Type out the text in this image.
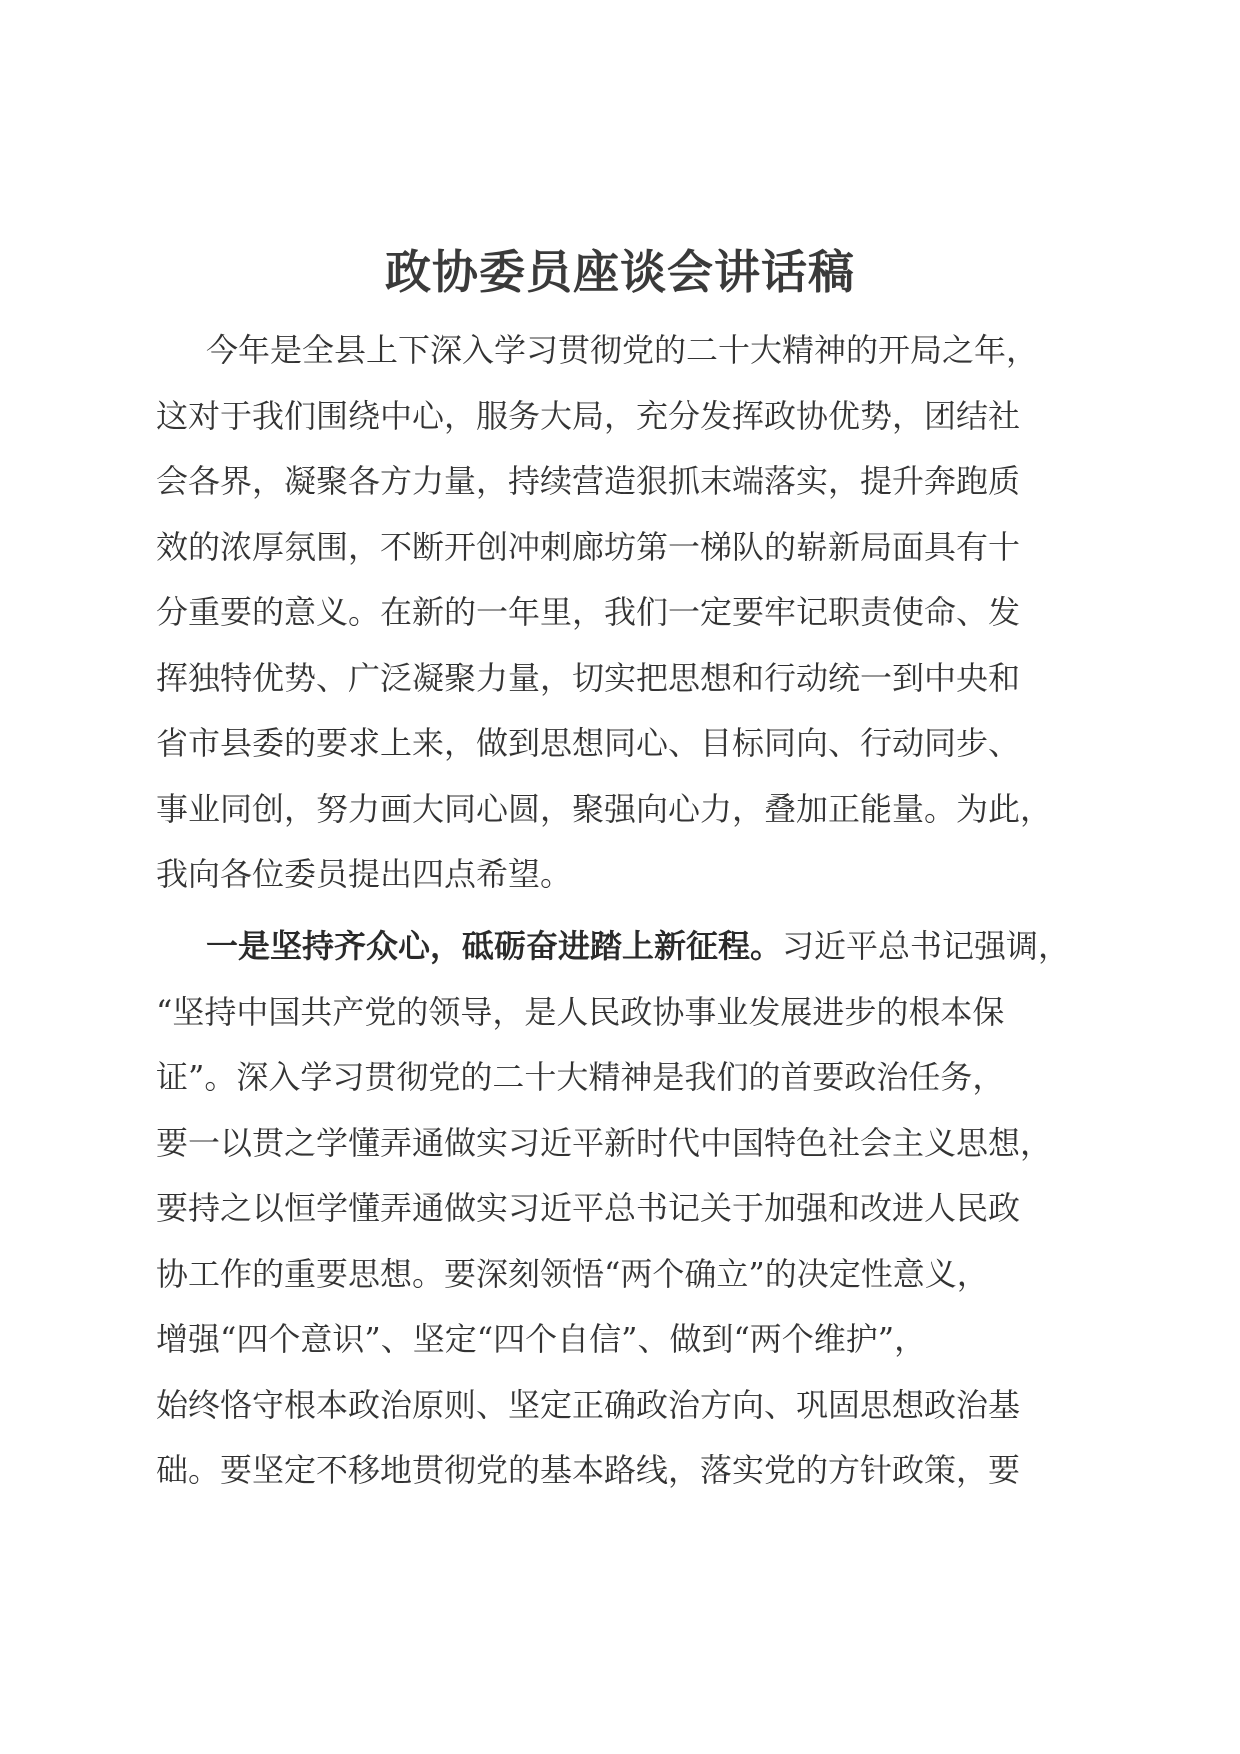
政协委员座谈会讲话稿
今年是全县上下深入学习贯彻党的二十大精神的开局之年，
这对于我们围绕中心，服务大局，充分发挥政协优势，团结社
会各界，凝聚各方力量，持续营造狠抓末端落实，提升奔跑质
效的浓厚氛围，不断开创冲刺廊坊第一梯队的崭新局面具有十
分重要的意义。在新的一年里，我们一定要牢记职责使命、发
挥独特优势、广泛凝聚力量，切实把思想和行动统一到中央和
省市县委的要求上来，做到思想同心、目标同向、行动同步、
事业同创，努力画大同心圆，聚强向心力，叠加正能量。为此，
我向各位委员提出四点希望。
一是坚持齐众心，砥砺奋进踏上新征程。习近平总书记强调，
“坚持中国共产党的领导，是人民政协事业发展进步的根本保
证”。深入学习贯彻党的二十大精神是我们的首要政治任务，
要一以贯之学懂弄通做实习近平新时代中国特色社会主义思想，
要持之以恒学懂弄通做实习近平总书记关于加强和改进人民政
协工作的重要思想。要深刻领悟“两个确立”的决定性意义，
增强“四个意识”、坚定“四个自信”、做到“两个维护”，
始终恪守根本政治原则、坚定正确政治方向、巩固思想政治基
础。要坚定不移地贯彻党的基本路线，落实党的方针政策，要
